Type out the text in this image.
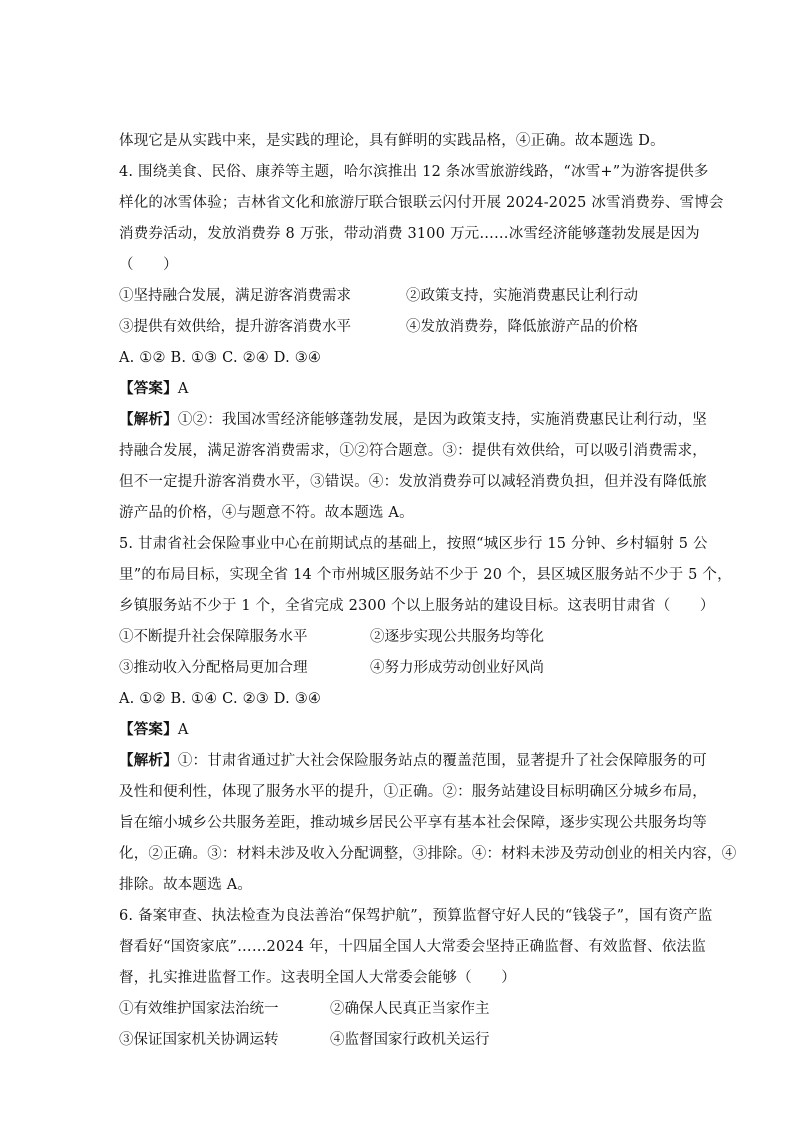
体现它是从实践中来，是实践的理论，具有鲜明的实践品格，④正确。故本题选 D。
4. 围绕美食、民俗、康养等主题，哈尔滨推出 12 条冰雪旅游线路，“冰雪+”为游客提供多
样化的冰雪体验；吉林省文化和旅游厅联合银联云闪付开展 2024-2025 冰雪消费券、雪博会
消费券活动，发放消费券 8 万张，带动消费 3100 万元……冰雪经济能够蓬勃发展是因为
（　　）
①坚持融合发展，满足游客消费需求	②政策支持，实施消费惠民让利行动
③提供有效供给，提升游客消费水平	④发放消费券，降低旅游产品的价格
A. ①② B. ①③ C. ②④ D. ③④
【答案】A
【解析】①②：我国冰雪经济能够蓬勃发展，是因为政策支持，实施消费惠民让利行动，坚
持融合发展，满足游客消费需求，①②符合题意。③：提供有效供给，可以吸引消费需求，
但不一定提升游客消费水平，③错误。④：发放消费券可以减轻消费负担，但并没有降低旅
游产品的价格，④与题意不符。故本题选 A。
5. 甘肃省社会保险事业中心在前期试点的基础上，按照“城区步行 15 分钟、乡村辐射 5 公
里”的布局目标，实现全省 14 个市州城区服务站不少于 20 个，县区城区服务站不少于 5 个，
乡镇服务站不少于 1 个，全省完成 2300 个以上服务站的建设目标。这表明甘肃省（　　）
①不断提升社会保障服务水平	②逐步实现公共服务均等化
③推动收入分配格局更加合理	④努力形成劳动创业好风尚
A. ①② B. ①④ C. ②③ D. ③④
【答案】A
【解析】①：甘肃省通过扩大社会保险服务站点的覆盖范围，显著提升了社会保障服务的可
及性和便利性，体现了服务水平的提升，①正确。②：服务站建设目标明确区分城乡布局，
旨在缩小城乡公共服务差距，推动城乡居民公平享有基本社会保障，逐步实现公共服务均等
化，②正确。③：材料未涉及收入分配调整，③排除。④：材料未涉及劳动创业的相关内容，④
排除。故本题选 A。
6. 备案审查、执法检查为良法善治“保驾护航”，预算监督守好人民的“钱袋子”，国有资产监
督看好“国资家底”……2024 年，十四届全国人大常委会坚持正确监督、有效监督、依法监
督，扎实推进监督工作。这表明全国人大常委会能够（　　）
①有效维护国家法治统一	②确保人民真正当家作主
③保证国家机关协调运转	④监督国家行政机关运行
